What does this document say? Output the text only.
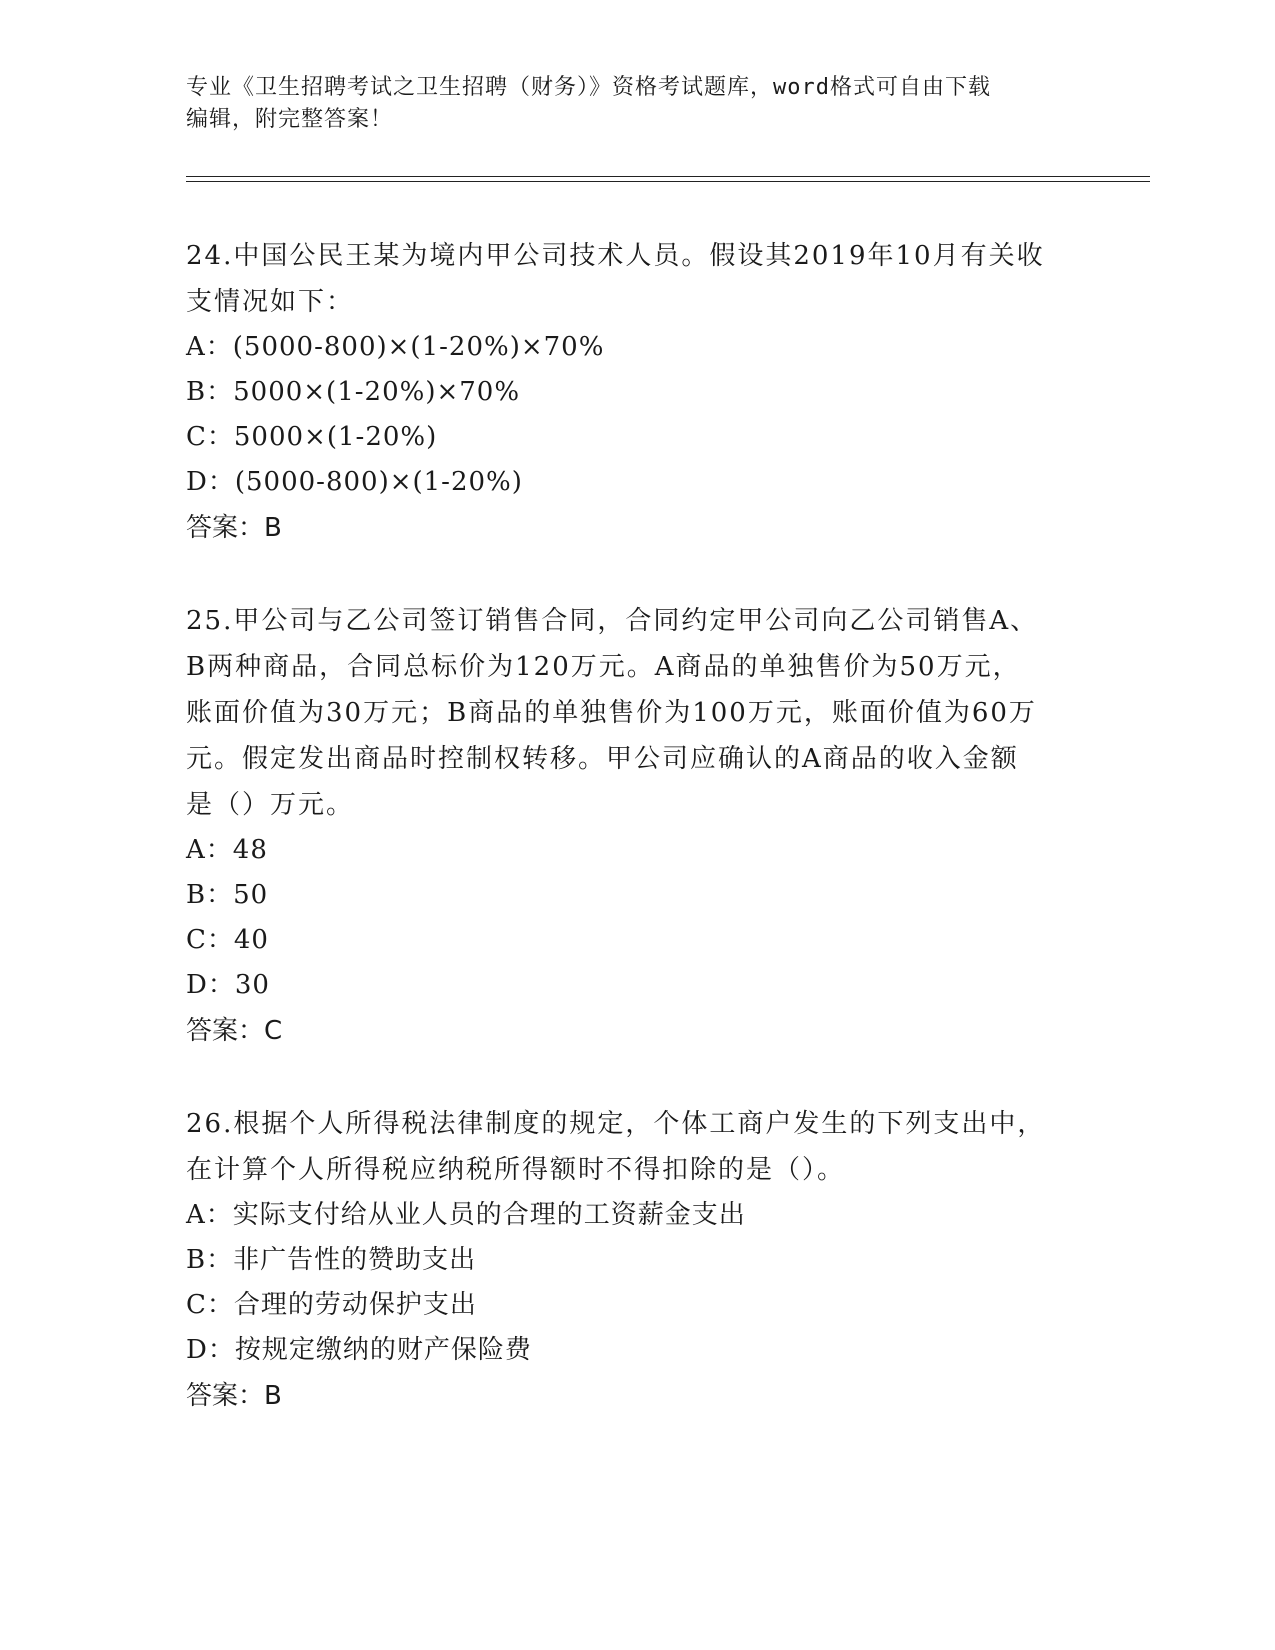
专业《卫生招聘考试之卫生招聘（财务）》资格考试题库，word格式可自由下载
编辑，附完整答案！
24.中国公民王某为境内甲公司技术人员。假设其2019年10月有关收
支情况如下：
A：(5000-800)×(1-20%)×70%
B：5000×(1-20%)×70%
C：5000×(1-20%)
D：(5000-800)×(1-20%)
答案：B
25.甲公司与乙公司签订销售合同，合同约定甲公司向乙公司销售A、
B两种商品，合同总标价为120万元。A商品的单独售价为50万元，
账面价值为30万元；B商品的单独售价为100万元，账面价值为60万
元。假定发出商品时控制权转移。甲公司应确认的A商品的收入金额
是（）万元。
A：48
B：50
C：40
D：30
答案：C
26.根据个人所得税法律制度的规定，个体工商户发生的下列支出中，
在计算个人所得税应纳税所得额时不得扣除的是（）。
A：实际支付给从业人员的合理的工资薪金支出
B：非广告性的赞助支出
C：合理的劳动保护支出
D：按规定缴纳的财产保险费
答案：B
